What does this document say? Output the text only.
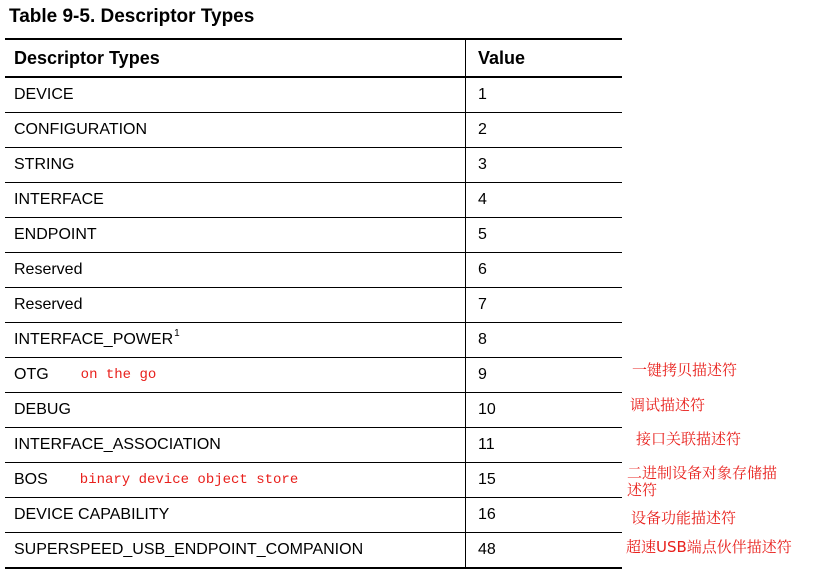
Table 9-5. Descriptor Types
Descriptor Types	Value
DEVICE	1
CONFIGURATION	2
STRING	3
INTERFACE	4
ENDPOINT	5
Reserved	6
Reserved	7
INTERFACE_POWER 1	8
OTG on the go	9
DEBUG	10
INTERFACE_ASSOCIATION	11
BOS binary device object store	15
DEVICE CAPABILITY	16
SUPERSPEED_USB_ENDPOINT_COMPANION	48
一键拷贝描述符
调试描述符
接口关联描述符
二进制设备对象存储描
述符
设备功能描述符
超速USB端点伙伴描述符
